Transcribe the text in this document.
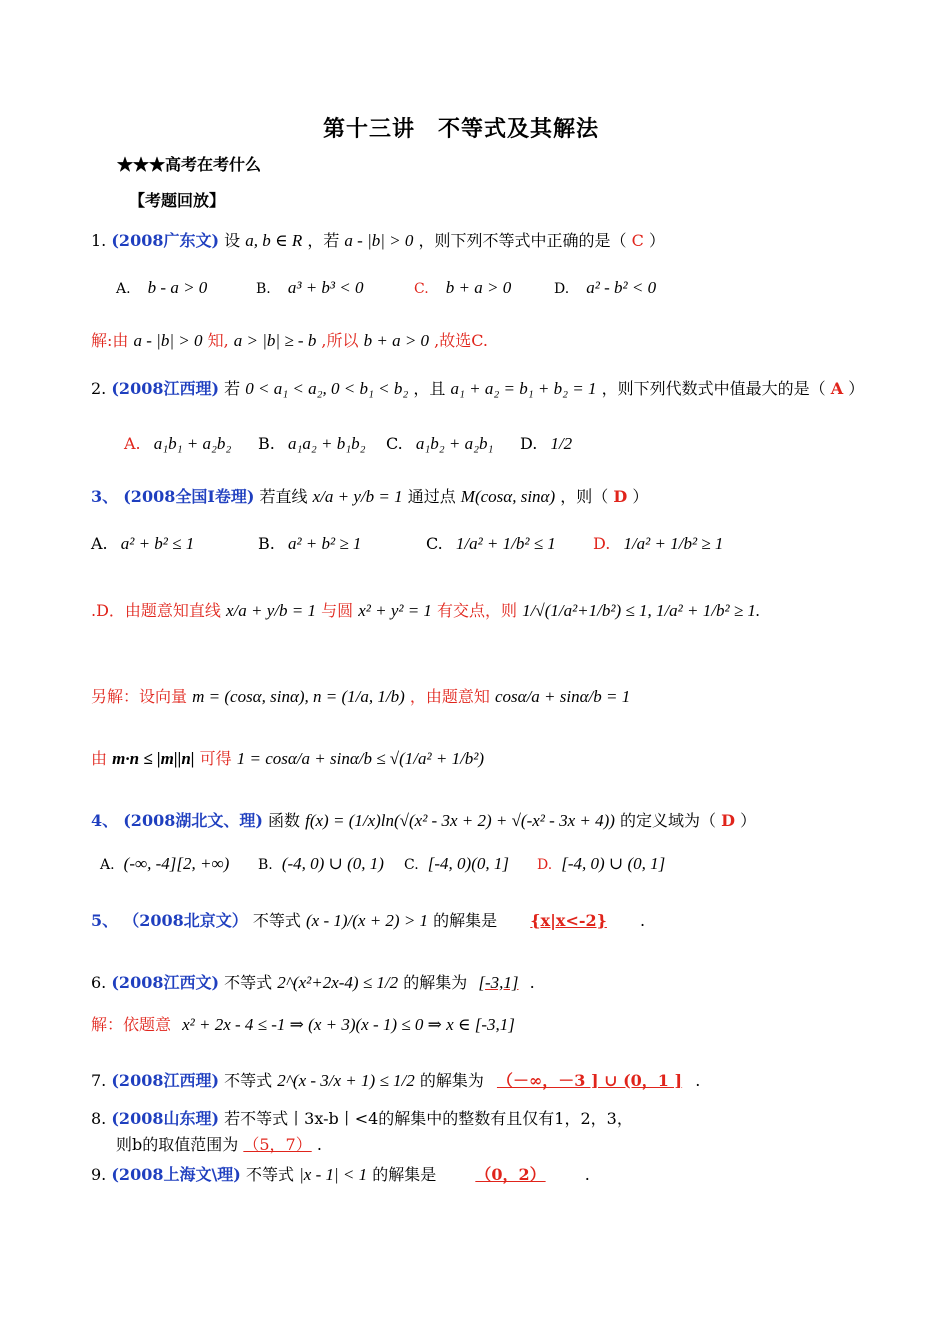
第十三讲　不等式及其解法
★★★高考在考什么
【考题回放】
1. (2008广东文) 设 a, b ∈ R ，若 a - |b| > 0 ，则下列不等式中正确的是（ C ）
A. b - a > 0	B. a³ + b³ < 0	C. b + a > 0	D. a² - b² < 0
解:由 a - |b| > 0 知, a > |b| ≥ - b ,所以 b + a > 0 ,故选C.
2. (2008江西理) 若 0 < a₁ < a₂, 0 < b₁ < b₂ ，且 a₁ + a₂ = b₁ + b₂ = 1 ，则下列代数式中值最大的是（ A ）
A. a₁b₁ + a₂b₂ B. a₁a₂ + b₁b₂ C. a₁b₂ + a₂b₁ D. 1/2
3、 (2008全国Ⅰ卷理) 若直线 x/a + y/b = 1 通过点 M(cosα, sinα) ，则（ D ）
A. a² + b² ≤ 1	B. a² + b² ≥ 1	C. 1/a² + 1/b² ≤ 1 D. 1/a² + 1/b² ≥ 1
.D．由题意知直线 x/a + y/b = 1 与圆 x² + y² = 1 有交点，则 1/√(1/a²+1/b²) ≤ 1, 1/a² + 1/b² ≥ 1.
另解：设向量 m = (cosα, sinα), n = (1/a, 1/b) ，由题意知 cosα/a + sinα/b = 1
由 m·n ≤ |m||n| 可得 1 = cosα/a + sinα/b ≤ √(1/a² + 1/b²)
4、 (2008湖北文、理) 函数 f(x) = (1/x)ln(√(x² - 3x + 2) + √(-x² - 3x + 4)) 的定义域为（ D ）
A. (-∞, -4][2, +∞) B. (-4, 0) ∪ (0, 1) C. [-4, 0)(0, 1] D. [-4, 0) ∪ (0, 1]
5、 （2008北京文） 不等式 (x - 1)/(x + 2) > 1 的解集是 {x|x<-2} .
6. (2008江西文) 不等式 2^(x²+2x-4) ≤ 1/2 的解集为 [-3,1] .
解：依题意 x² + 2x - 4 ≤ -1 ⇒ (x + 3)(x - 1) ≤ 0 ⇒ x ∈ [-3,1]
7. (2008江西理) 不等式 2^(x - 3/x + 1) ≤ 1/2 的解集为 （－∞，－3 ] ∪ (0，1 ] .
8. (2008山东理) 若不等式丨3x-b丨<4的解集中的整数有且仅有1，2，3，
则b的取值范围为 （5，7） .
9. (2008上海文\理) 不等式 |x - 1| < 1 的解集是 （0，2） .
